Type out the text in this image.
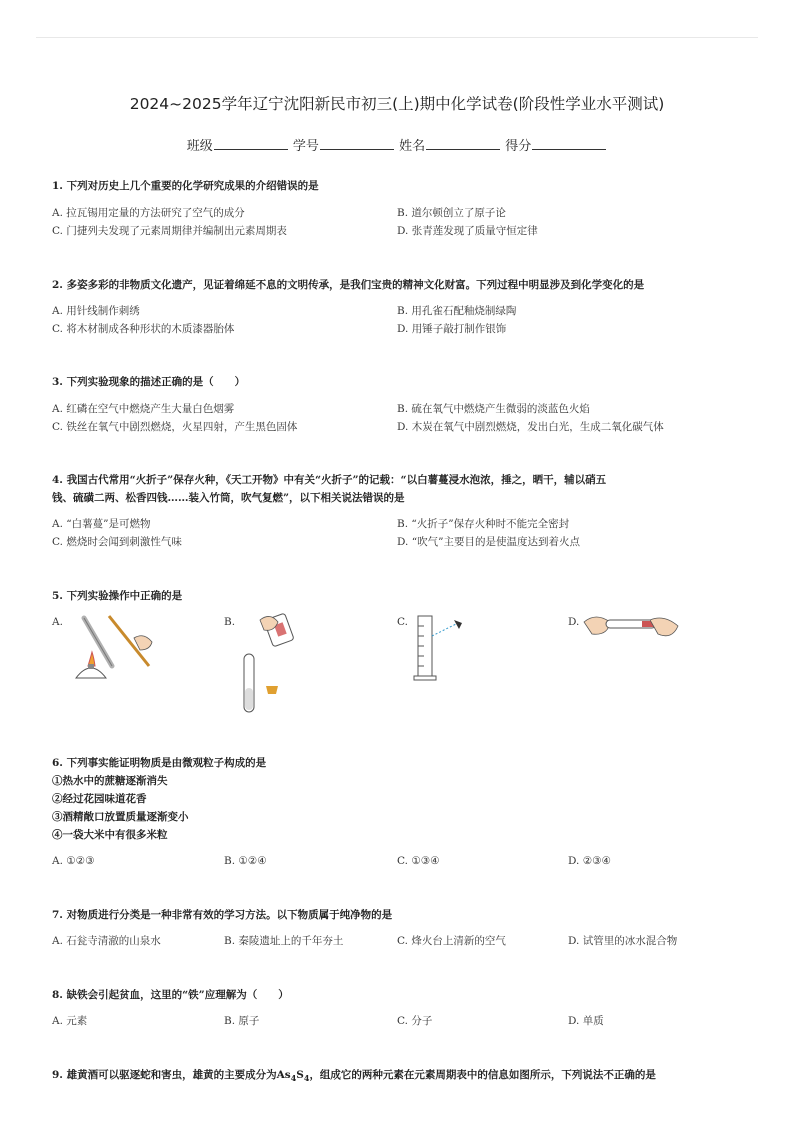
2024~2025学年辽宁沈阳新民市初三(上)期中化学试卷(阶段性学业水平测试)
班级	学号	姓名	得分
1. 下列对历史上几个重要的化学研究成果的介绍错误的是
A. 拉瓦锡用定量的方法研究了空气的成分	B. 道尔顿创立了原子论
C. 门捷列夫发现了元素周期律并编制出元素周期表	D. 张青莲发现了质量守恒定律
2. 多姿多彩的非物质文化遗产，见证着绵延不息的文明传承，是我们宝贵的精神文化财富。下列过程中明显涉及到化学变化的是
A. 用针线制作刺绣	B. 用孔雀石配釉烧制绿陶
C. 将木材制成各种形状的木质漆器胎体	D. 用锤子敲打制作银饰
3. 下列实验现象的描述正确的是（　　）
A. 红磷在空气中燃烧产生大量白色烟雾	B. 硫在氧气中燃烧产生微弱的淡蓝色火焰
C. 铁丝在氧气中剧烈燃烧，火星四射，产生黑色固体	D. 木炭在氧气中剧烈燃烧，发出白光，生成二氧化碳气体
4. 我国古代常用“火折子”保存火种，《天工开物》中有关“火折子”的记载：“以白薯蔓浸水泡浓，捶之，晒干，辅以硝五
钱、硫磺二两、松香四钱……装入竹筒，吹气复燃”，以下相关说法错误的是
A. “白薯蔓”是可燃物	B. “火折子”保存火种时不能完全密封
C. 燃烧时会闻到刺激性气味	D. “吹气”主要目的是使温度达到着火点
5. 下列实验操作中正确的是
A.	B.	C.	D.
6. 下列事实能证明物质是由微观粒子构成的是
①热水中的蔗糖逐渐消失
②经过花园味道花香
③酒精敞口放置质量逐渐变小
④一袋大米中有很多米粒
A. ①②③	B. ①②④	C. ①③④	D. ②③④
7. 对物质进行分类是一种非常有效的学习方法。以下物质属于纯净物的是
A. 石瓮寺清澈的山泉水	B. 秦陵遗址上的千年夯土	C. 烽火台上清新的空气	D. 试管里的冰水混合物
8. 缺铁会引起贫血，这里的“铁”应理解为（　　）
A. 元素	B. 原子	C. 分子	D. 单质
9. 雄黄酒可以驱逐蛇和害虫，雄黄的主要成分为$As_4S_4$，组成它的两种元素在元素周期表中的信息如图所示，下列说法不正确的是
